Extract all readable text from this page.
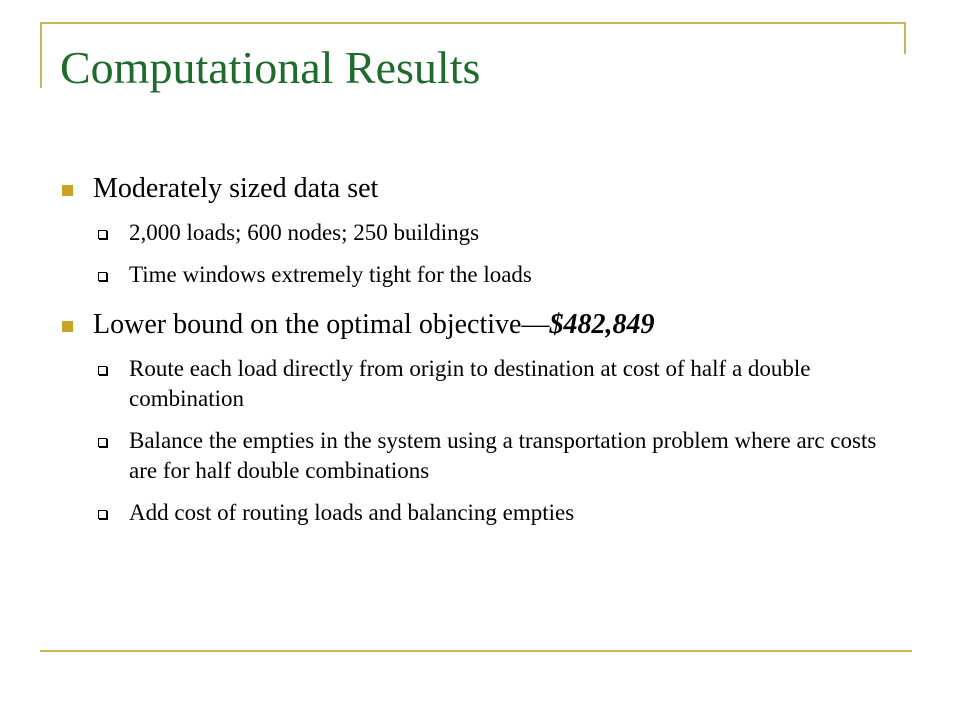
Computational Results
Moderately sized data set
2,000 loads; 600 nodes; 250 buildings
Time windows extremely tight for the loads
Lower bound on the optimal objective—$482,849
Route each load directly from origin to destination at cost of half a double combination
Balance the empties in the system using a transportation problem where arc costs are for half double combinations
Add cost of routing loads and balancing empties
